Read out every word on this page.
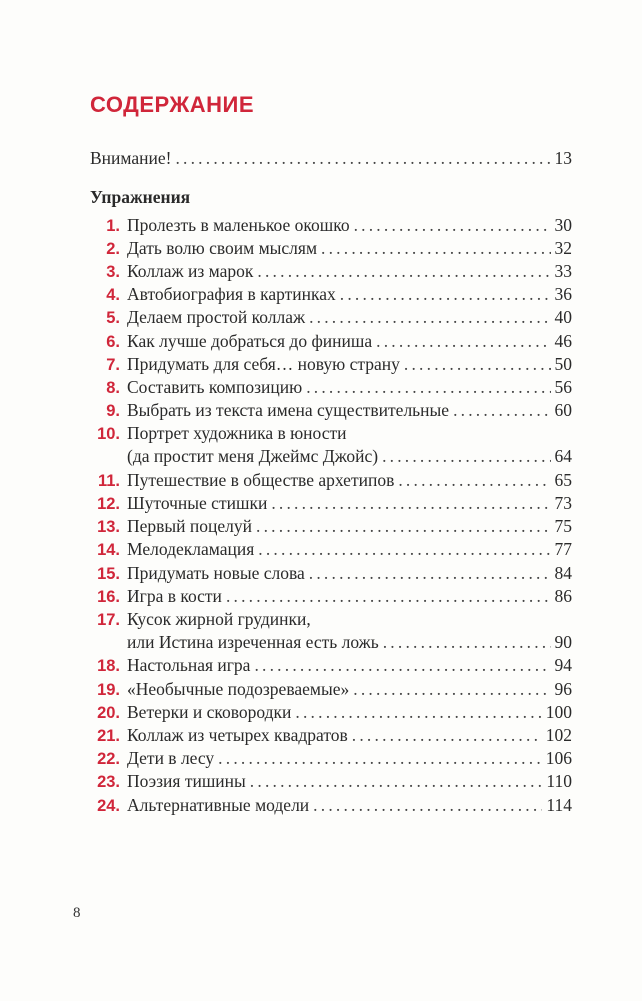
СОДЕРЖАНИЕ
Внимание! .....	13
Упражнения
1. Пролезть в маленькое окошко .....	30
2. Дать волю своим мыслям .....	32
3. Коллаж из марок .....	33
4. Автобиография в картинках .....	36
5. Делаем простой коллаж .....	40
6. Как лучше добраться до финиша .....	46
7. Придумать для себя… новую страну .....	50
8. Составить композицию .....	56
9. Выбрать из текста имена существительные .....	60
10. Портрет художника в юности
(да простит меня Джеймс Джойс) .....	64
11. Путешествие в обществе архетипов .....	65
12. Шуточные стишки .....	73
13. Первый поцелуй .....	75
14. Мелодекламация .....	77
15. Придумать новые слова .....	84
16. Игра в кости .....	86
17. Кусок жирной грудинки,
или Истина изреченная есть ложь .....	90
18. Настольная игра .....	94
19. «Необычные подозреваемые» .....	96
20. Ветерки и сковородки .....	100
21. Коллаж из четырех квадратов .....	102
22. Дети в лесу .....	106
23. Поэзия тишины .....	110
24. Альтернативные модели .....	114
8
